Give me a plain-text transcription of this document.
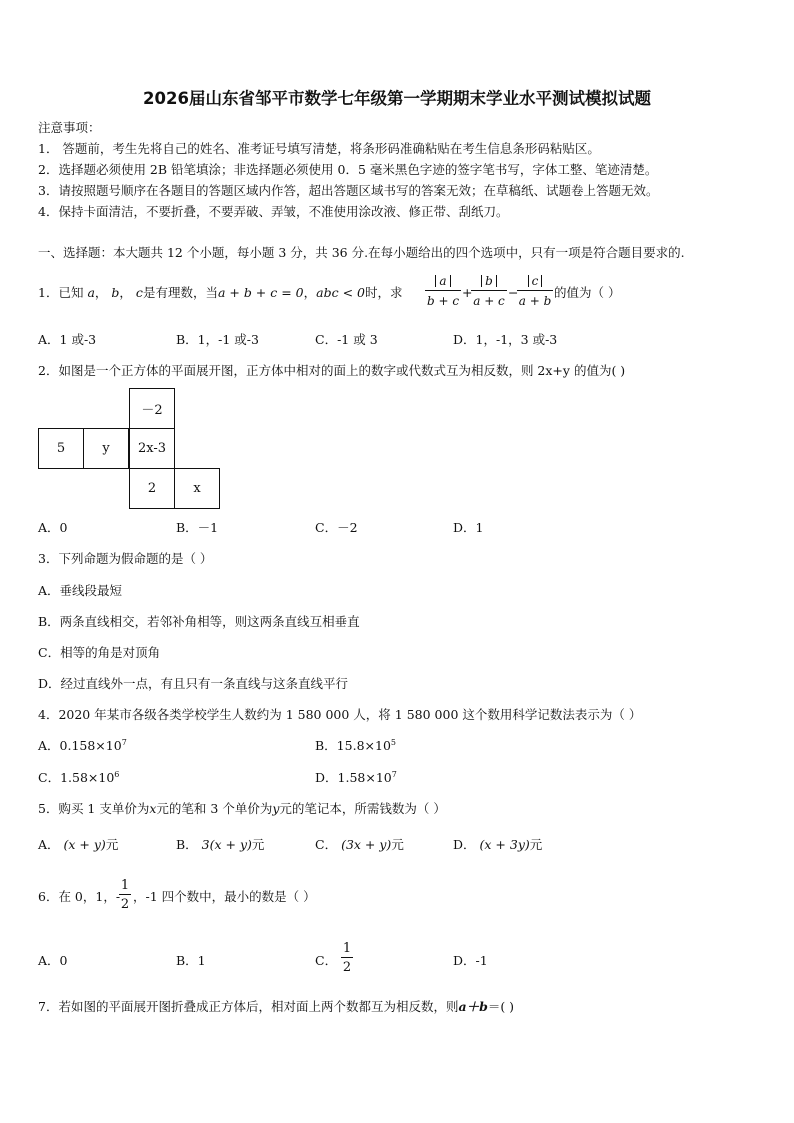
2026届山东省邹平市数学七年级第一学期期末学业水平测试模拟试题
注意事项：
1． 答题前，考生先将自己的姓名、准考证号填写清楚，将条形码准确粘贴在考生信息条形码粘贴区。
2．选择题必须使用 2B 铅笔填涂；非选择题必须使用 0．5 毫米黑色字迹的签字笔书写，字体工整、笔迹清楚。
3．请按照题号顺序在各题目的答题区域内作答，超出答题区域书写的答案无效；在草稿纸、试题卷上答题无效。
4．保持卡面清洁，不要折叠，不要弄破、弄皱，不准使用涂改液、修正带、刮纸刀。
一、选择题：本大题共 12 个小题，每小题 3 分，共 36 分.在每小题给出的四个选项中，只有一项是符合题目要求的.
1．已知 a， b， c是有理数，当a + b + c = 0，abc < 0时，求 $\frac{a}{b + c}$ +
$\frac{b}{a + c}$ −
$\frac{c}{a + b}$ 的值为（ ）
A．1 或-3	B．1，-1 或-3	C．-1 或 3	D．1，-1，3 或-3
2．如图是一个正方体的平面展开图，正方体中相对的面上的数字或代数式互为相反数，则 2x+y 的值为( )
－2
5	y	2x-3
2	x
A．0	B．－1	C．－2	D．1
3．下列命题为假命题的是（ ）
A．垂线段最短
B．两条直线相交，若邻补角相等，则这两条直线互相垂直
C．相等的角是对顶角
D．经过直线外一点，有且只有一条直线与这条直线平行
4．2020 年某市各级各类学校学生人数约为 1 580 000 人，将 1 580 000 这个数用科学记数法表示为（ ）
A．$0.158\times 10^7$	B．$15.8\times 10^5$
C．$1.58\times 10^6$	D．$1.58\times 10^7$
5．购买 1 支单价为x元的笔和 3 个单价为y元的笔记本，所需钱数为（ ）
A． (x + y)元	B． 3(x + y)元	C． (3x + y)元	D． (x + 3y)元
6．在 0，1，-
$\frac{1}{2}$ ，-1 四个数中，最小的数是（ ）
A．0	B．1	C． $\frac{1}{2}$	D．-1
7．若如图的平面展开图折叠成正方体后，相对面上两个数都互为相反数，则a＋b＝( )
